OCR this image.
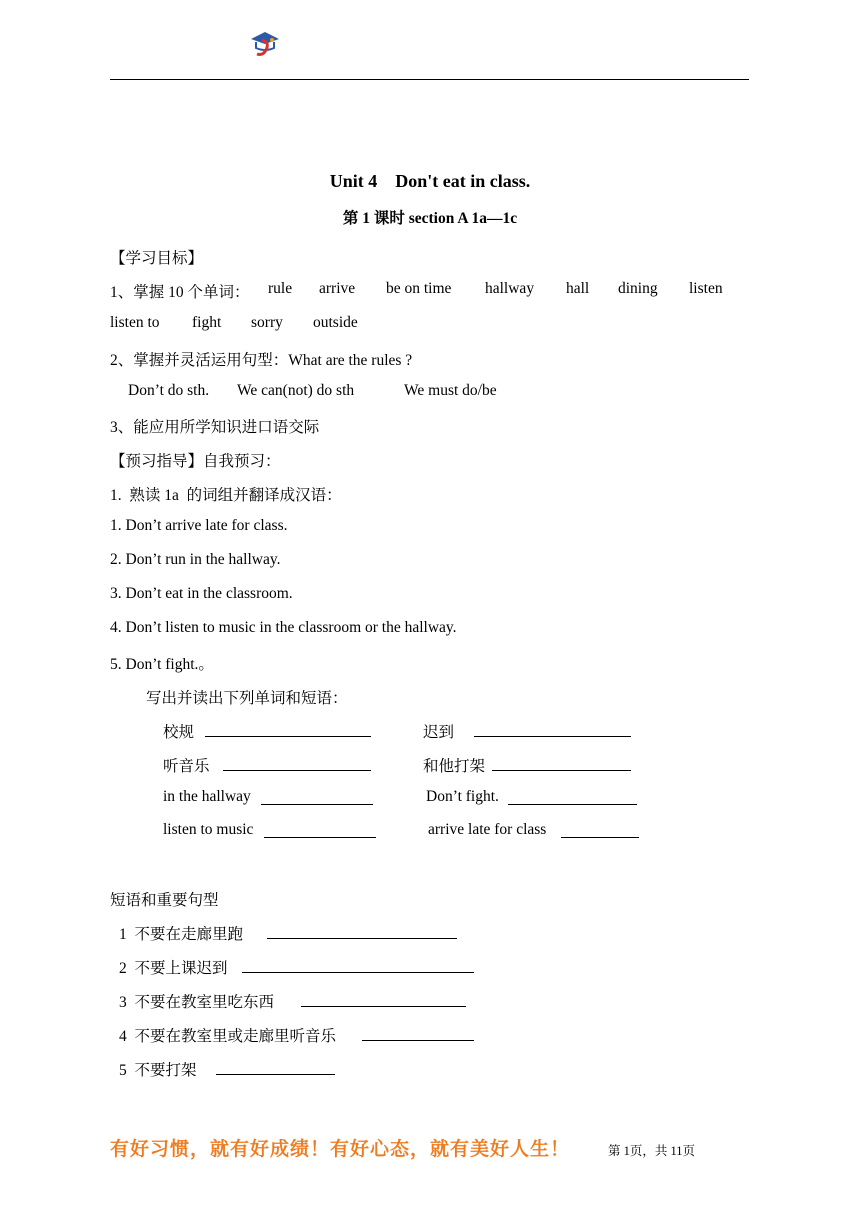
Unit 4    Don't eat in class.
第 1 课时 section A 1a—1c
【学习目标】
1、掌握 10 个单词： rule arrive be on time hallway hall dining listen
listen to fight sorry outside
2、掌握并灵活运用句型：What are the rules ?
Don’t do sth. We can(not) do sth	We must do/be
3、能应用所学知识进口语交际
【预习指导】自我预习：
1.  熟读 1a  的词组并翻译成汉语：
1. Don’t arrive late for class.
2. Don’t run in the hallway.
3. Don’t eat in the classroom.
4. Don’t listen to music in the classroom or the hallway.
5. Don’t fight.。
写出并读出下列单词和短语：
校规	迟到
听音乐	和他打架
in the hallway	Don’t fight.
listen to music	arrive late for class
短语和重要句型
1  不要在走廊里跑
2  不要上课迟到
3  不要在教室里吃东西
4  不要在教室里或走廊里听音乐
5  不要打架
有好习惯，就有好成绩！有好心态，就有美好人生！	第 1页，共 11页
